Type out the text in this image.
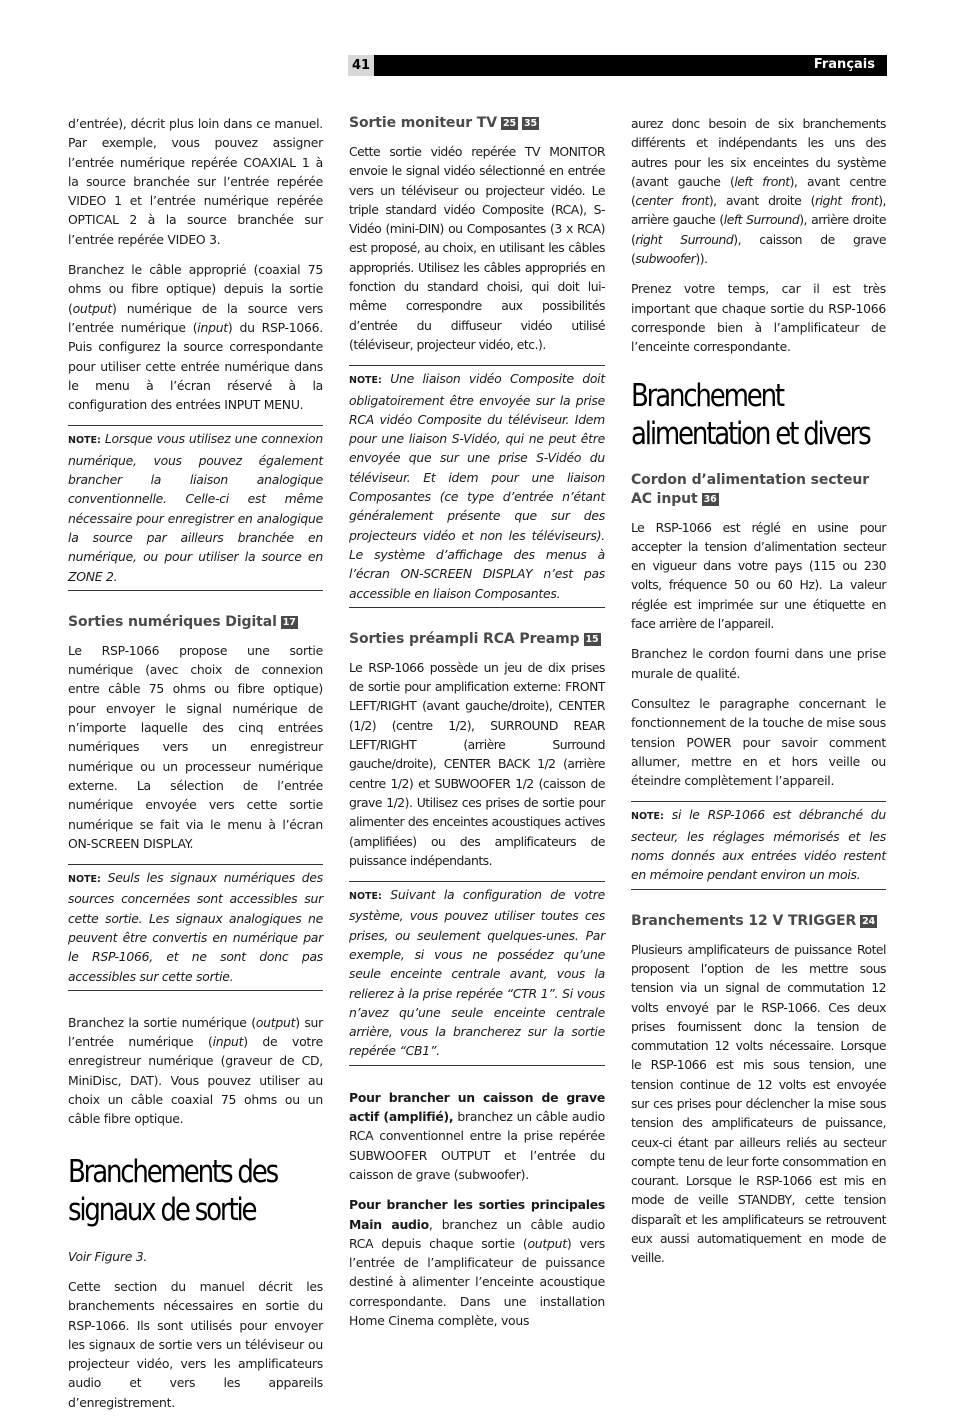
41	Français

d’entrée), décrit plus loin dans ce manuel. Par exemple, vous pouvez assigner l’entrée numérique repérée COAXIAL 1 à la source branchée sur l’entrée repérée VIDEO 1 et l’entrée numérique repérée OPTICAL 2 à la source branchée sur l’entrée repérée VIDEO 3.

Branchez le câble approprié (coaxial 75 ohms ou fibre optique) depuis la sortie (output) numérique de la source vers l’entrée numérique (input) du RSP-1066. Puis configurez la source correspondante pour utiliser cette entrée numérique dans le menu à l’écran réservé à la configuration des entrées INPUT MENU.

NOTE: Lorsque vous utilisez une connexion numérique, vous pouvez également brancher la liaison analogique conventionnelle. Celle-ci est même nécessaire pour enregistrer en analogique la source par ailleurs branchée en numérique, ou pour utiliser la source en ZONE 2.

Sorties numériques Digital 17

Le RSP-1066 propose une sortie numérique (avec choix de connexion entre câble 75 ohms ou fibre optique) pour envoyer le signal numérique de n’importe laquelle des cinq entrées numériques vers un enregistreur numérique ou un processeur numérique externe. La sélection de l’entrée numérique envoyée vers cette sortie numérique se fait via le menu à l’écran ON-SCREEN DISPLAY.

NOTE: Seuls les signaux numériques des sources concernées sont accessibles sur cette sortie. Les signaux analogiques ne peuvent être convertis en numérique par le RSP-1066, et ne sont donc pas accessibles sur cette sortie.

Branchez la sortie numérique (output) sur l’entrée numérique (input) de votre enregistreur numérique (graveur de CD, MiniDisc, DAT). Vous pouvez utiliser au choix un câble coaxial 75 ohms ou un câble fibre optique.

Branchements des signaux de sortie

Voir Figure 3.

Cette section du manuel décrit les branchements nécessaires en sortie du RSP-1066. Ils sont utilisés pour envoyer les signaux de sortie vers un téléviseur ou projecteur vidéo, vers les amplificateurs audio et vers les appareils d’enregistrement.

Sortie moniteur TV 25 35

Cette sortie vidéo repérée TV MONITOR envoie le signal vidéo sélectionné en entrée vers un téléviseur ou projecteur vidéo. Le triple standard vidéo Composite (RCA), S-Vidéo (mini-DIN) ou Composantes (3 x RCA) est proposé, au choix, en utilisant les câbles appropriés. Utilisez les câbles appropriés en fonction du standard choisi, qui doit lui-même correspondre aux possibilités d’entrée du diffuseur vidéo utilisé (téléviseur, projecteur vidéo, etc.).

NOTE: Une liaison vidéo Composite doit obligatoirement être envoyée sur la prise RCA vidéo Composite du téléviseur. Idem pour une liaison S-Vidéo, qui ne peut être envoyée que sur une prise S-Vidéo du téléviseur. Et idem pour une liaison Composantes (ce type d’entrée n’étant généralement présente que sur des projecteurs vidéo et non les téléviseurs). Le système d’affichage des menus à l’écran ON-SCREEN DISPLAY n’est pas accessible en liaison Composantes.

Sorties préampli RCA Preamp 15

Le RSP-1066 possède un jeu de dix prises de sortie pour amplification externe: FRONT LEFT/RIGHT (avant gauche/droite), CENTER (1/2) (centre 1/2), SURROUND REAR LEFT/RIGHT (arrière Surround gauche/droite), CENTER BACK 1/2 (arrière centre 1/2) et SUBWOOFER 1/2 (caisson de grave 1/2). Utilisez ces prises de sortie pour alimenter des enceintes acoustiques actives (amplifiées) ou des amplificateurs de puissance indépendants.

NOTE: Suivant la configuration de votre système, vous pouvez utiliser toutes ces prises, ou seulement quelques-unes. Par exemple, si vous ne possédez qu’une seule enceinte centrale avant, vous la relierez à la prise repérée “CTR 1”. Si vous n’avez qu’une seule enceinte centrale arrière, vous la brancherez sur la sortie repérée “CB1”.

Pour brancher un caisson de grave actif (amplifié), branchez un câble audio RCA conventionnel entre la prise repérée SUBWOOFER OUTPUT et l’entrée du caisson de grave (subwoofer).

Pour brancher les sorties principales Main audio, branchez un câble audio RCA depuis chaque sortie (output) vers l’entrée de l’amplificateur de puissance destiné à alimenter l’enceinte acoustique correspondante. Dans une installation Home Cinema complète, vous

aurez donc besoin de six branchements différents et indépendants les uns des autres pour les six enceintes du système (avant gauche (left front), avant centre (center front), avant droite (right front), arrière gauche (left Surround), arrière droite (right Surround), caisson de grave (subwoofer)).

Prenez votre temps, car il est très important que chaque sortie du RSP-1066 corresponde bien à l’amplificateur de l’enceinte correspondante.

Branchement alimentation et divers
Cordon d’alimentation secteur AC input 36

Le RSP-1066 est réglé en usine pour accepter la tension d’alimentation secteur en vigueur dans votre pays (115 ou 230 volts, fréquence 50 ou 60 Hz). La valeur réglée est imprimée sur une étiquette en face arrière de l’appareil.

Branchez le cordon fourni dans une prise murale de qualité.

Consultez le paragraphe concernant le fonctionnement de la touche de mise sous tension POWER pour savoir comment allumer, mettre en et hors veille ou éteindre complètement l’appareil.

NOTE: si le RSP-1066 est débranché du secteur, les réglages mémorisés et les noms donnés aux entrées vidéo restent en mémoire pendant environ un mois.

Branchements 12 V TRIGGER 24

Plusieurs amplificateurs de puissance Rotel proposent l’option de les mettre sous tension via un signal de commutation 12 volts envoyé par le RSP-1066. Ces deux prises fournissent donc la tension de commutation 12 volts nécessaire. Lorsque le RSP-1066 est mis sous tension, une tension continue de 12 volts est envoyée sur ces prises pour déclencher la mise sous tension des amplificateurs de puissance, ceux-ci étant par ailleurs reliés au secteur compte tenu de leur forte consommation en courant. Lorsque le RSP-1066 est mis en mode de veille STANDBY, cette tension disparaît et les amplificateurs se retrouvent eux aussi automatiquement en mode de veille.
